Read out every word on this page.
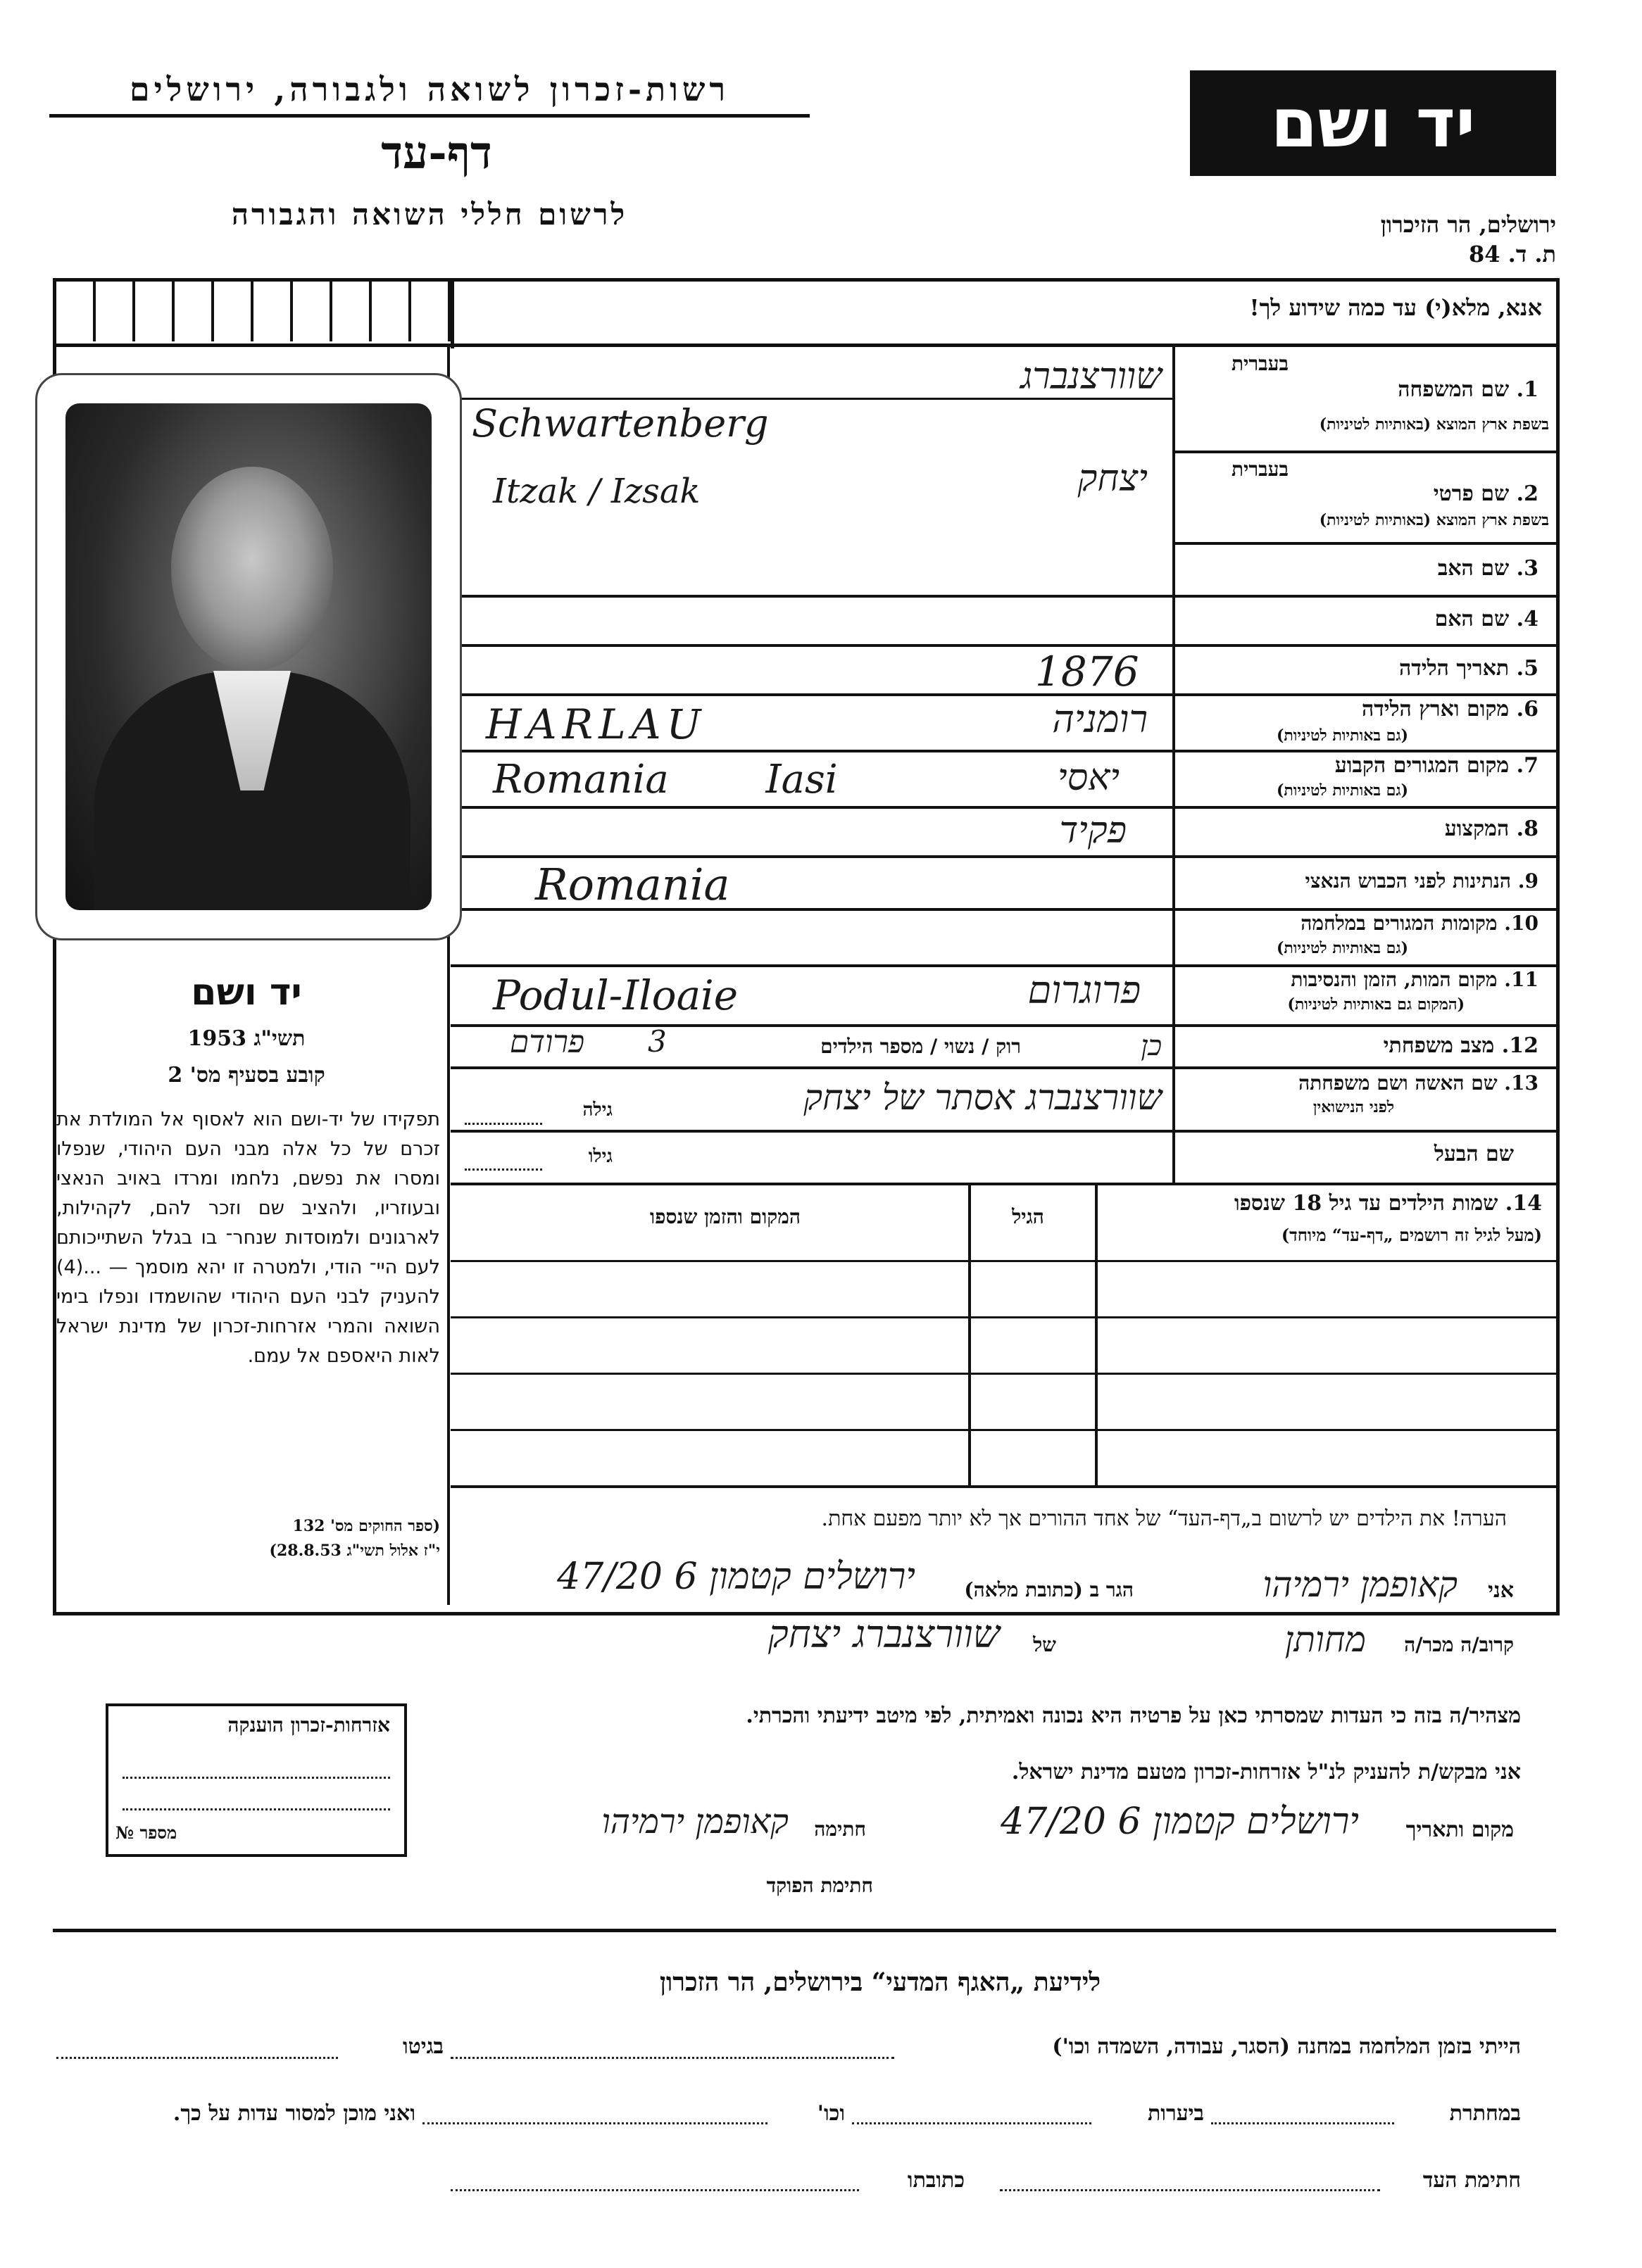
רשות-זכרון לשואה ולגבורה, ירושלים
דף-עד
לרשום חללי השואה והגבורה
יד ושם
ירושלים, הר הזיכרון
ת. ד. 84
אנא, מלא(י) עד כמה שידוע לך!
בעברית
1. שם המשפחה
בשפת ארץ המוצא (באותיות לטיניות)
שוורצנברג
Schwartenberg
בעברית
2. שם פרטי
בשפת ארץ המוצא (באותיות לטיניות)
יצחק
Itzak / Izsak
3. שם האב
4. שם האם
5. תאריך הלידה
1876
6. מקום וארץ הלידה
(גם באותיות לטיניות)
רומניה
HARLAU
7. מקום המגורים הקבוע
(גם באותיות לטיניות)
יאסי
Romania Iasi
8. המקצוע
פקיד
9. הנתינות לפני הכבוש הנאצי
Romania
10. מקומות המגורים במלחמה
(גם באותיות לטיניות)
11. מקום המות, הזמן והנסיבות
(המקום גם באותיות לטיניות)
פרוגרום
Podul-Iloaie
12. מצב משפחתי
רוק / נשוי / מספר הילדים	כן
3
פרודם
13. שם האשה ושם משפחתה
לפני הנישואין
גילה	שוורצנברג אסתר של יצחק
שם הבעל
גילו
14. שמות הילדים עד גיל 18 שנספו
(מעל לגיל זה רושמים „דף-עד“ מיוחד)
הגיל
המקום והזמן שנספו
הערה! את הילדים יש לרשום ב„דף-העד“ של אחד ההורים אך לא יותר מפעם אחת.
אני
קאופמן ירמיהו
הגר ב (כתובת מלאה)
ירושלים קטמון 6 47/20
קרוב/ה מכר/ה
מחותן
של
שוורצנברג יצחק
מצהיר/ה בזה כי העדות שמסרתי כאן על פרטיה היא נכונה ואמיתית, לפי מיטב ידיעתי והכרתי.
אני מבקש/ת להעניק לנ"ל אזרחות-זכרון מטעם מדינת ישראל.
מקום ותאריך
ירושלים קטמון 6 47/20
חתימה
קאופמן ירמיהו
חתימת הפוקד
יד ושם
תשי"ג 1953
קובע בסעיף מס' 2
תפקידו של יד-ושם הוא לאסוף אל המולדת את זכרם של כל אלה מבני העם היהודי, שנפלו ומסרו את נפשם, נלחמו ומרדו באויב הנאצי ובעוזריו, ולהציב שם וזכר להם, לקהילות, לארגונים ולמוסדות שנחר־ בו בגלל השתייכותם לעם היי־ הודי, ולמטרה זו יהא מוסמך — ...(4) להעניק לבני העם היהודי שהושמדו ונפלו בימי השואה והמרי אזרחות-זכרון של מדינת ישראל לאות היאספם אל עמם.
(ספר החוקים מס' 132
י"ז אלול תשי"ג 28.8.53)
אזרחות-זכרון הוענקה
מספר №
לידיעת „האגף המדעי“ בירושלים, הר הזכרון
הייתי בזמן המלחמה במחנה (הסגר, עבודה, השמדה וכו')
בגיטו
במחתרת
ביערות
וכו'
ואני מוכן למסור עדות על כך.
חתימת העד
כתובתו
